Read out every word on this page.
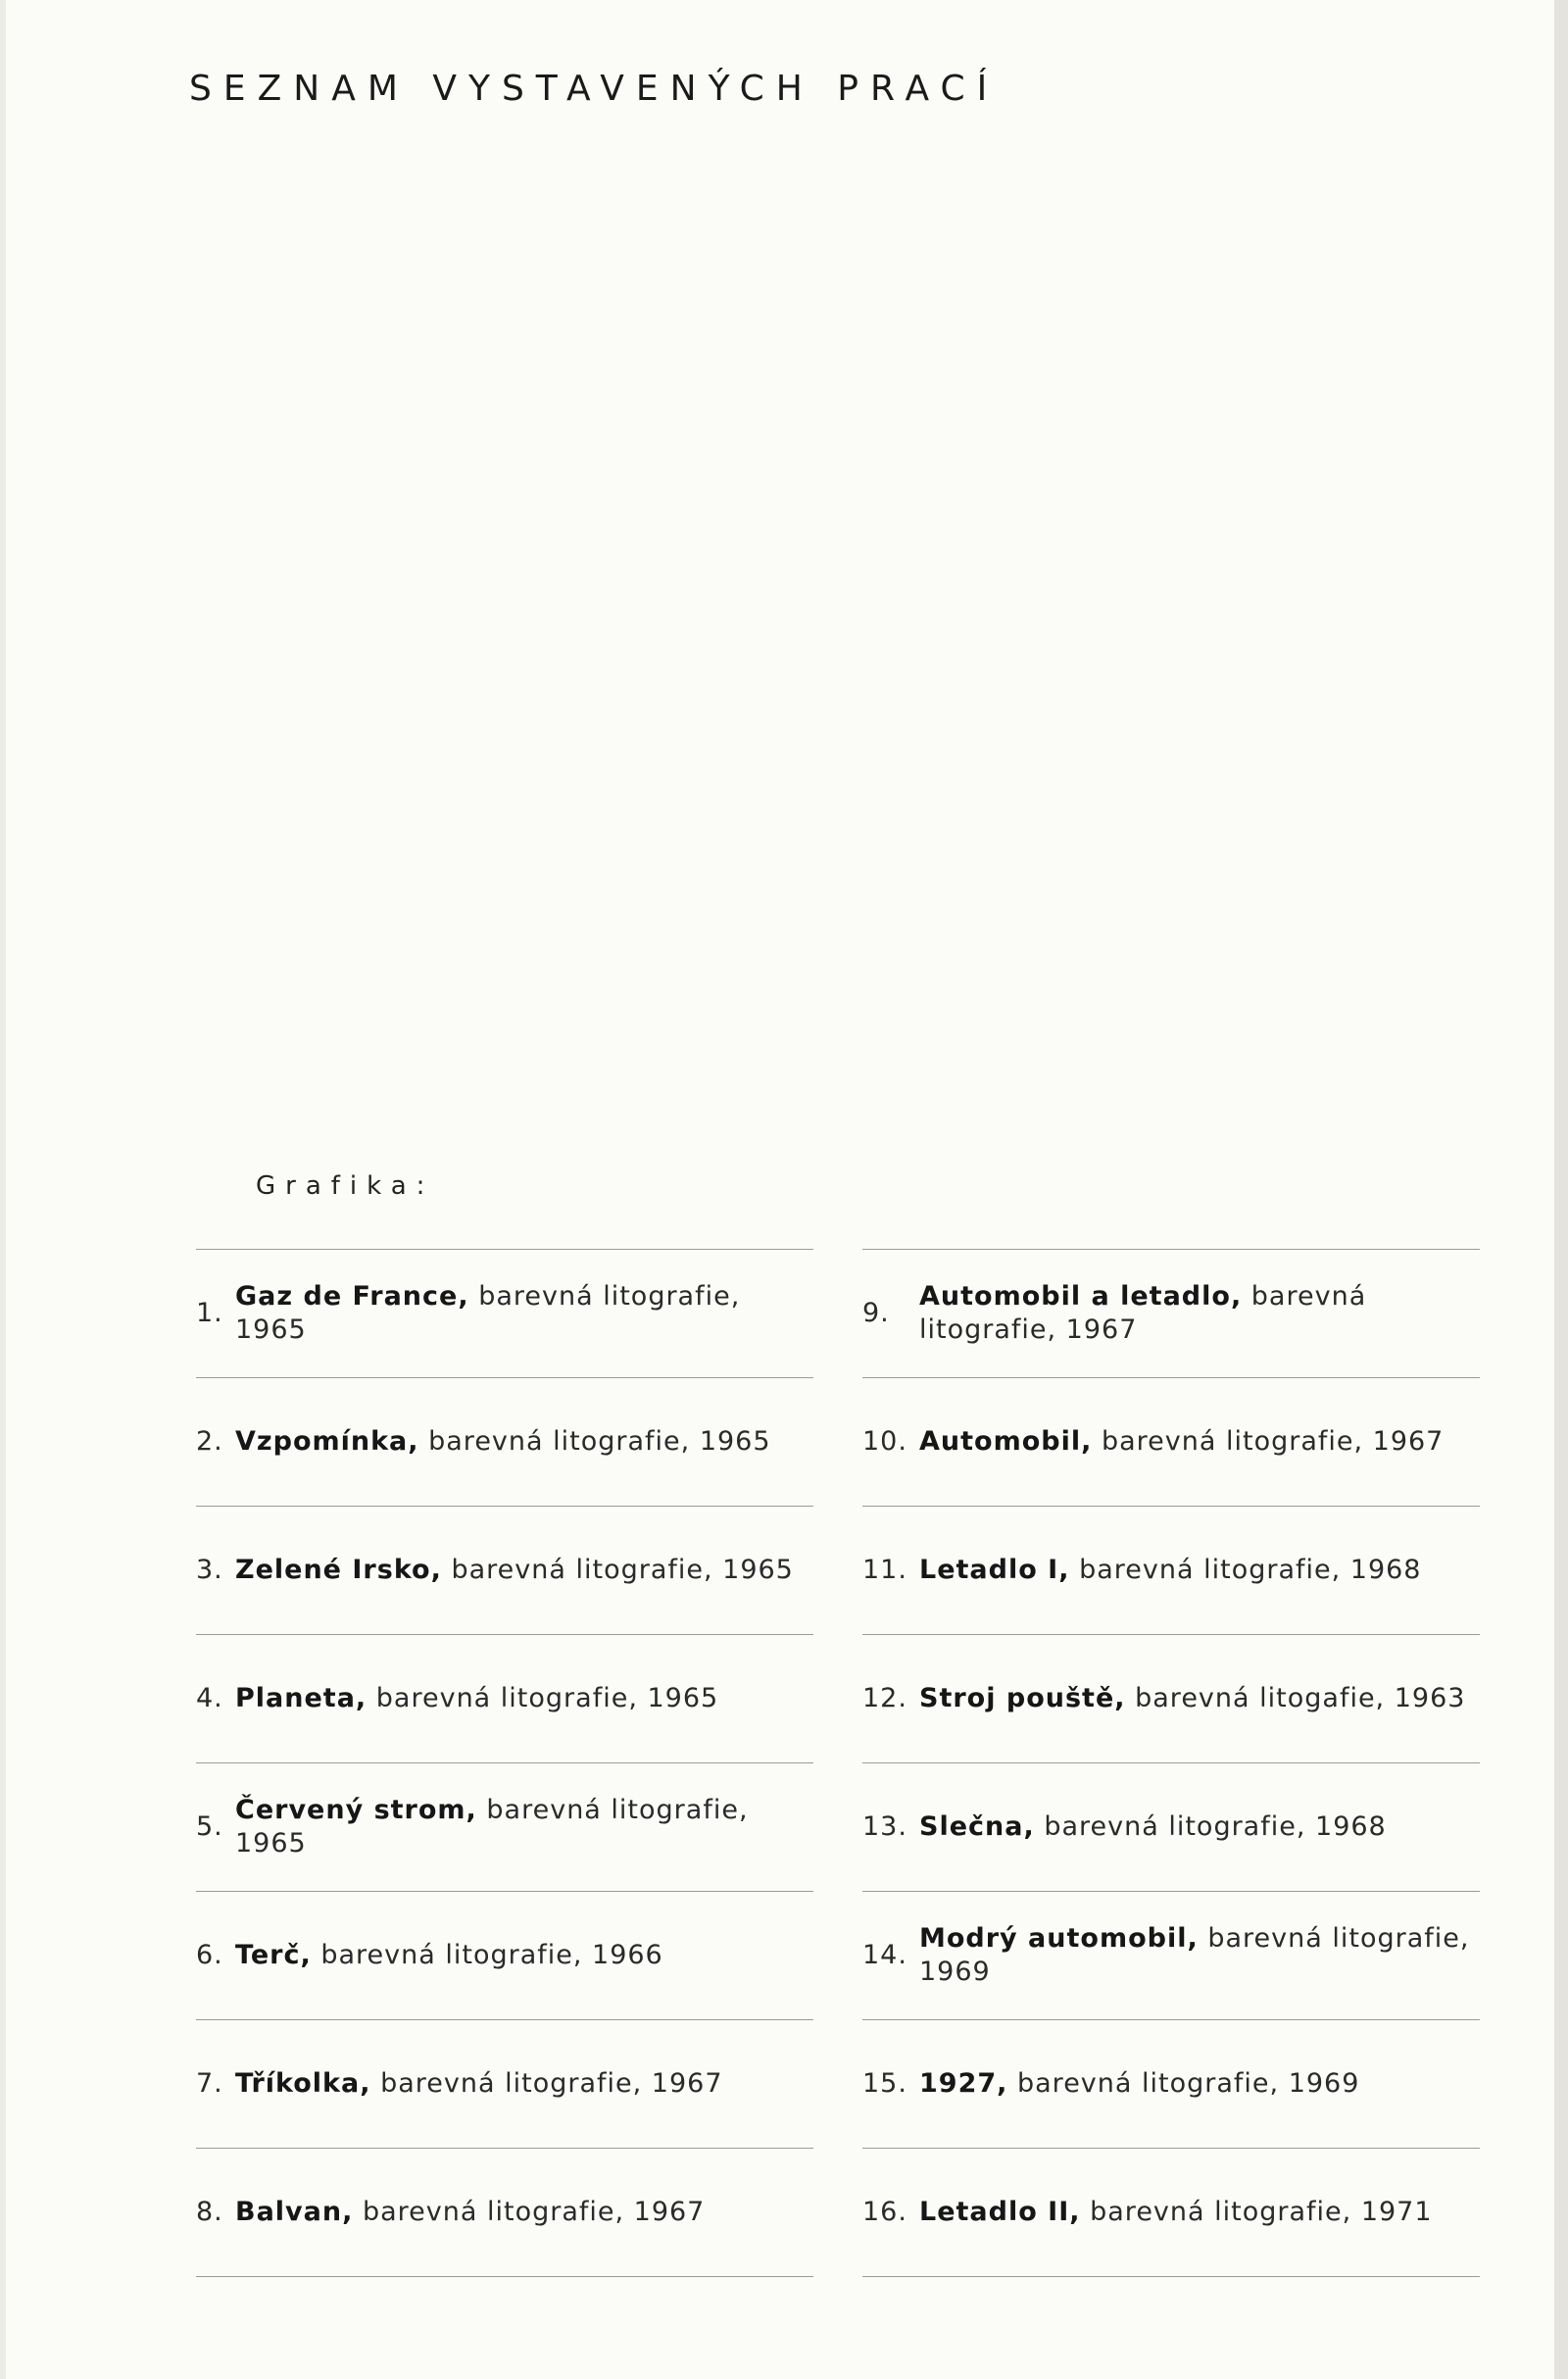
SEZNAM VYSTAVENÝCH PRACÍ
Grafika:
1.
Gaz de France, barevná litografie, 1965
2. Vzpomínka, barevná litografie, 1965
3. Zelené Irsko, barevná litografie, 1965
4. Planeta, barevná litografie, 1965
5.
Červený strom, barevná litografie, 1965
6. Terč, barevná litografie, 1966
7. Tříkolka, barevná litografie, 1967
8. Balvan, barevná litografie, 1967
9.
Automobil a letadlo, barevná litografie, 1967
10. Automobil, barevná litografie, 1967
11. Letadlo I, barevná litografie, 1968
12. Stroj pouště, barevná litogafie, 1963
13. Slečna, barevná litografie, 1968
14.
Modrý automobil, barevná litografie, 1969
15. 1927, barevná litografie, 1969
16. Letadlo II, barevná litografie, 1971
